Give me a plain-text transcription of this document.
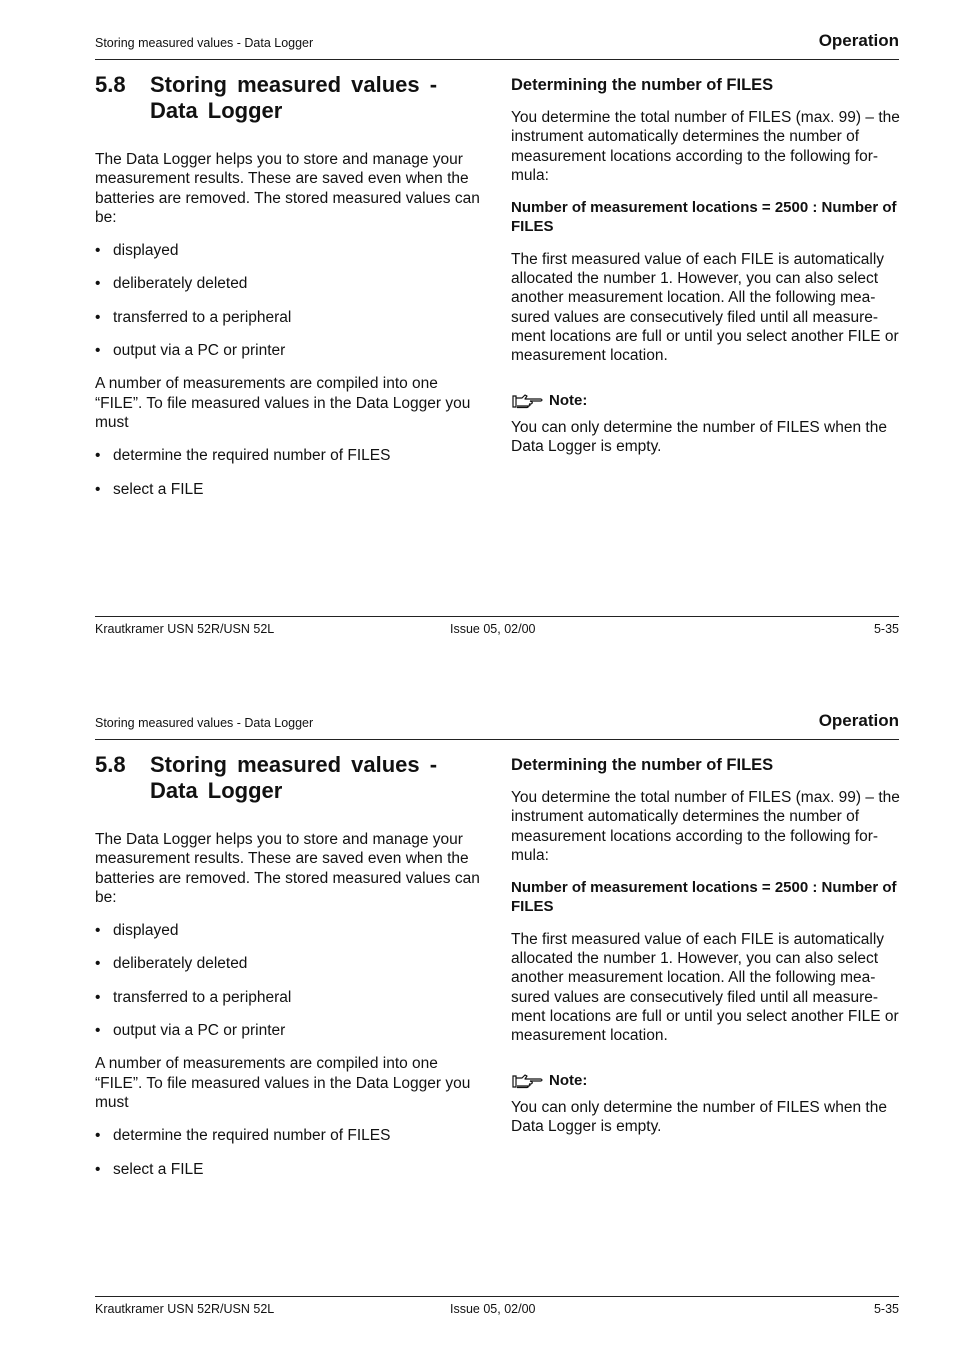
Storing measured values - Data Logger	Operation
5.8	Storing measured values - Data Logger

The Data Logger helps you to store and manage your measurement results. These are saved even when the batteries are removed. The stored measured values can be:

• displayed
• deliberately deleted
• transferred to a peripheral
• output via a PC or printer

A number of measurements are compiled into one “FILE”. To file measured values in the Data Logger you must

• determine the required number of FILES
• select a FILE
Determining the number of FILES

You determine the total number of FILES (max. 99) – the instrument automatically determines the number of measurement locations according to the following for-mula:

Number of measurement locations = 2500 : Number of FILES

The first measured value of each FILE is automatically allocated the number 1. However, you can also select another measurement location. All the following mea-sured values are consecutively filed until all measure-ment locations are full or until you select another FILE or measurement location.

Note:

You can only determine the number of FILES when the Data Logger is empty.

Krautkramer USN 52R/USN 52L	Issue 05, 02/00	5-35
Storing measured values - Data Logger	Operation
5.8	Storing measured values - Data Logger

The Data Logger helps you to store and manage your measurement results. These are saved even when the batteries are removed. The stored measured values can be:

• displayed
• deliberately deleted
• transferred to a peripheral
• output via a PC or printer

A number of measurements are compiled into one “FILE”. To file measured values in the Data Logger you must

• determine the required number of FILES
• select a FILE
Determining the number of FILES

You determine the total number of FILES (max. 99) – the instrument automatically determines the number of measurement locations according to the following for-mula:

Number of measurement locations = 2500 : Number of FILES

The first measured value of each FILE is automatically allocated the number 1. However, you can also select another measurement location. All the following mea-sured values are consecutively filed until all measure-ment locations are full or until you select another FILE or measurement location.

Note:

You can only determine the number of FILES when the Data Logger is empty.

Krautkramer USN 52R/USN 52L	Issue 05, 02/00	5-35
